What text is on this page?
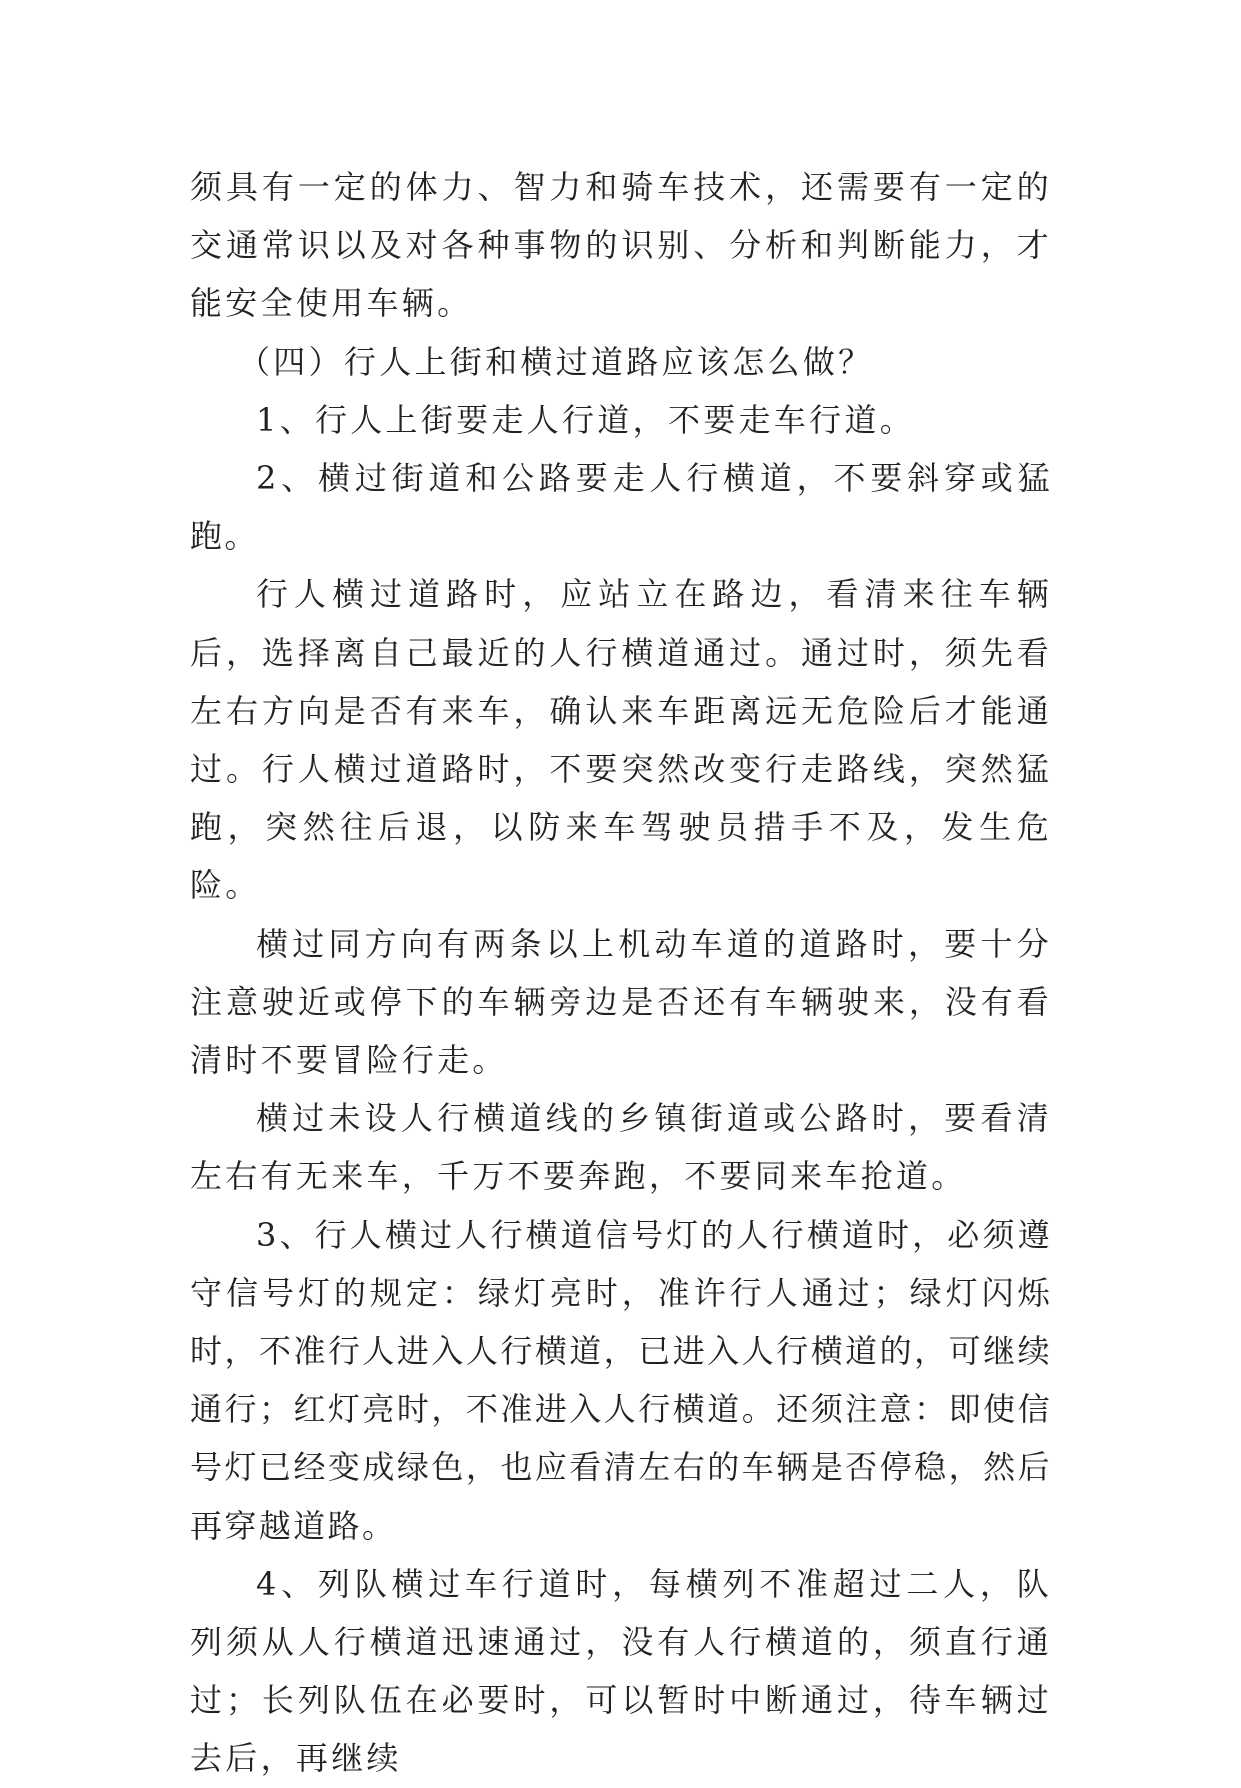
须具有一定的体力、智力和骑车技术，还需要有一定的交通常识以及对各种事物的识别、分析和判断能力，才能安全使用车辆。

（四）行人上街和横过道路应该怎么做？

1、行人上街要走人行道，不要走车行道。

2、横过街道和公路要走人行横道，不要斜穿或猛跑。

行人横过道路时，应站立在路边，看清来往车辆后，选择离自己最近的人行横道通过。通过时，须先看左右方向是否有来车，确认来车距离远无危险后才能通过。行人横过道路时，不要突然改变行走路线，突然猛跑，突然往后退，以防来车驾驶员措手不及，发生危险。

横过同方向有两条以上机动车道的道路时，要十分注意驶近或停下的车辆旁边是否还有车辆驶来，没有看清时不要冒险行走。

横过未设人行横道线的乡镇街道或公路时，要看清左右有无来车，千万不要奔跑，不要同来车抢道。

3、行人横过人行横道信号灯的人行横道时，必须遵守信号灯的规定：绿灯亮时，准许行人通过；绿灯闪烁时，不准行人进入人行横道，已进入人行横道的，可继续通行；红灯亮时，不准进入人行横道。还须注意：即使信号灯已经变成绿色，也应看清左右的车辆是否停稳，然后再穿越道路。

4、列队横过车行道时，每横列不准超过二人，队列须从人行横道迅速通过，没有人行横道的，须直行通过；长列队伍在必要时，可以暂时中断通过，待车辆过去后，再继续
